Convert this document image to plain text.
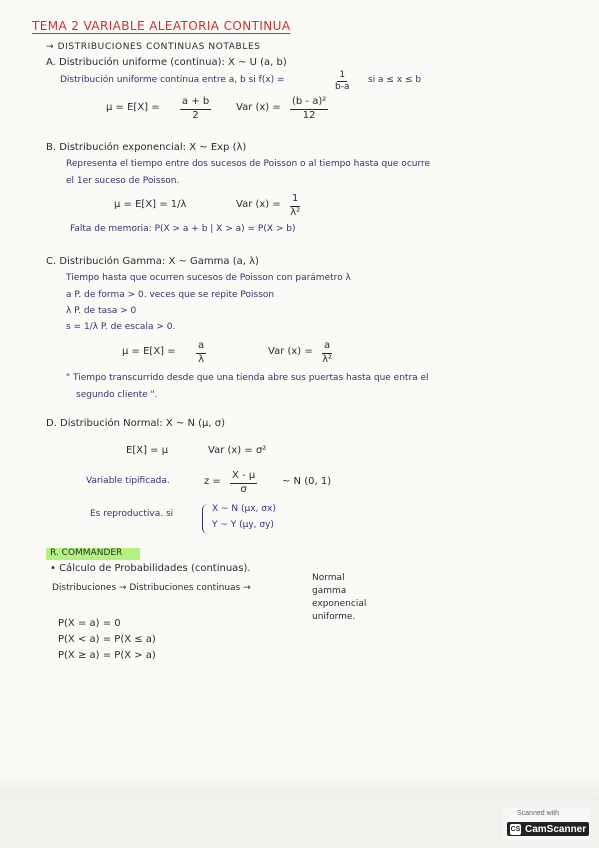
TEMA 2 VARIABLE ALEATORIA CONTINUA
→ DISTRIBUCIONES CONTINUAS NOTABLES
A. Distribución uniforme (continua): X ~ U (a, b)
Distribución uniforme continua entre a, b si f(x) =	$\frac{1}{b-a}$ si a ≤ x ≤ b
$\mu = E[X] = \frac{a + b}{2}$ Var $(x) = \frac{\text{(b - a)²}}{12}$
B. Distribución exponencial: X ~ Exp (λ)
Representa el tiempo entre dos sucesos de Poisson o al tiempo hasta que ocurre
el 1er suceso de Poisson.
μ = E[X] = 1/λ	Var $(x) = \frac{1}{\text{λ²}}$
Falta de memoria: P(X > a + b | X > a) = P(X > b)
C. Distribución Gamma: X ~ Gamma (a, λ)
Tiempo hasta que ocurren sucesos de Poisson con parámetro λ
a P. de forma > 0. veces que se repite Poisson
λ P. de tasa > 0
s = 1/λ P. de escala > 0.
$\mu = E[X] = \frac{a}{\lambda}$	Var $(x) = \frac{a}{\text{λ²}}$
" Tiempo transcurrido desde que una tienda abre sus puertas hasta que entra el
segundo cliente ".
D. Distribución Normal: X ~ N (μ, σ)
E[X] = μ	Var (x) = σ²
Variable tipificada.	$z = \frac{X - \mu}{\sigma}$ ~ N (0, 1)
Es reproductiva. si	X ~ N (μx, σx)
Y ~ Y (μy, σy)
R. COMMANDER
• Cálculo de Probabilidades (continuas).
Distribuciones → Distribuciones continuas →
Normal
gamma
exponencial
uniforme.
P(X = a) = 0
P(X < a) = P(X ≤ a)
P(X ≥ a) = P(X > a)
Scanned with
CS CamScanner
